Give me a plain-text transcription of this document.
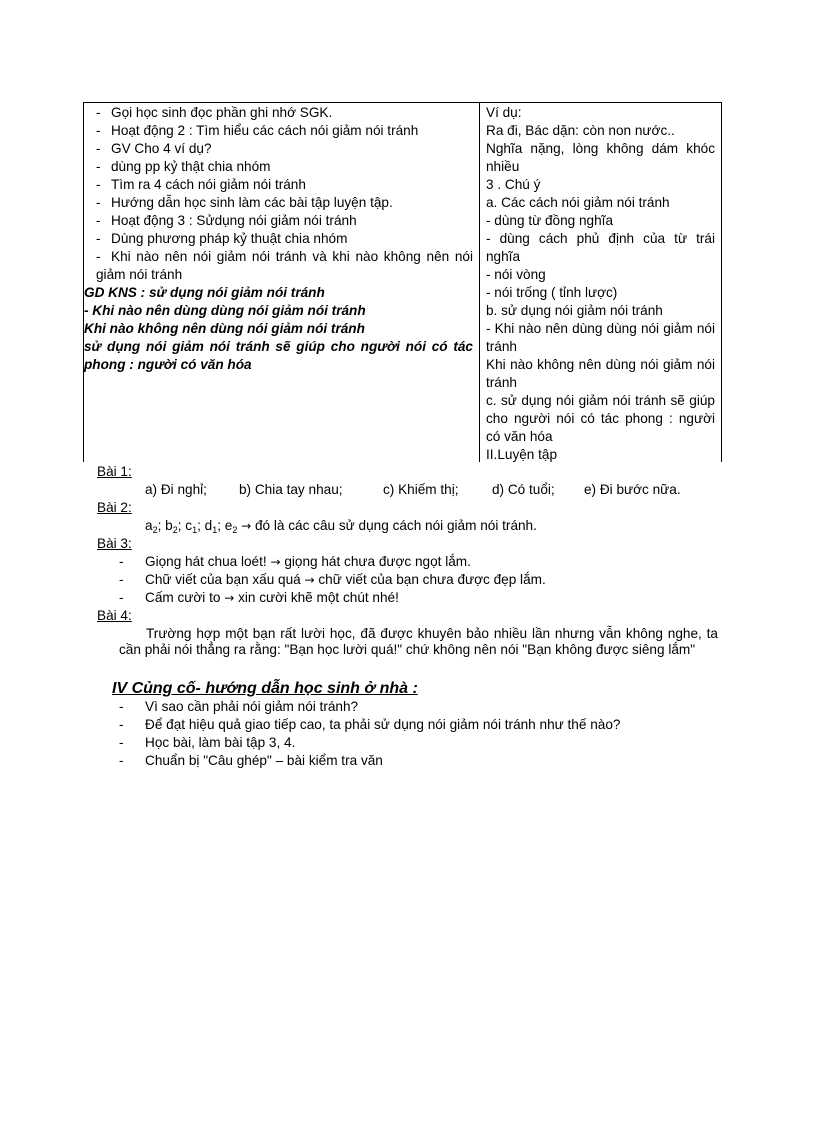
- Gọi học sinh đọc phần ghi nhớ SGK.
- Hoạt động 2 : Tìm hiểu các cách nói giảm nói tránh
- GV Cho 4 ví dụ?
- dùng pp kỷ thật chia nhóm
- Tìm ra 4 cách nói giảm nói tránh
- Hướng dẫn học sinh làm các bài tập luyện tập.
- Hoạt động 3 : Sửdụng nói giảm nói tránh
- Dùng phương pháp kỷ thuật chia nhóm
- Khi nào nên nói giảm nói tránh và khi nào không nên nói giảm nói tránh
GD KNS : sử dụng nói giảm nói tránh
- Khi nào nên dùng dùng nói giảm nói tránh
Khi nào không nên dùng nói giảm nói tránh
sử dụng nói giảm nói tránh sẽ giúp cho người nói có tác phong : người có văn hóa
Ví dụ:
Ra đi, Bác dặn: còn non nước..
Nghĩa nặng, lòng không dám khóc nhiều
3 . Chú ý
a. Các cách nói giảm nói tránh
- dùng từ đồng nghĩa
- dùng cách phủ định của từ trái nghĩa
- nói vòng
- nói trống ( tỉnh lược)
b. sử dụng nói giảm nói tránh
- Khi nào nên dùng dùng nói giảm nói tránh
Khi nào không nên dùng nói giảm nói tránh
c. sử dụng nói giảm nói tránh sẽ giúp cho người nói có tác phong : người có văn hóa
II.Luyện tập
Bài 1:
a) Đi nghỉ; b) Chia tay nhau;	c) Khiếm thị; d) Có tuổi; e) Đi bước nữa.
Bài 2:
$a_2$; $b_2$; $c_1$; $d_1$; $e_2$ → đó là các câu sử dụng cách nói giảm nói tránh.
Bài 3:
- Giọng hát chua loét! → giọng hát chưa được ngọt lắm.
- Chữ viết của bạn xấu quá → chữ viết của bạn chưa được đẹp lắm.
- Cấm cười to → xin cười khẽ một chút nhé!
Bài 4:
Trường hợp một bạn rất lười học, đã được khuyên bảo nhiều lần nhưng vẫn không nghe, ta cần phải nói thẳng ra rằng: "Bạn học lười quá!" chứ không nên nói "Bạn không được siêng lắm"
IV Củng cố- hướng dẫn học sinh ở nhà :
- Vì sao cần phải nói giảm nói tránh?
- Để đạt hiệu quả giao tiếp cao, ta phải sử dụng nói giảm nói tránh như thế nào?
- Học bài, làm bài tập 3, 4.
- Chuẩn bị "Câu ghép" – bài kiểm tra văn
